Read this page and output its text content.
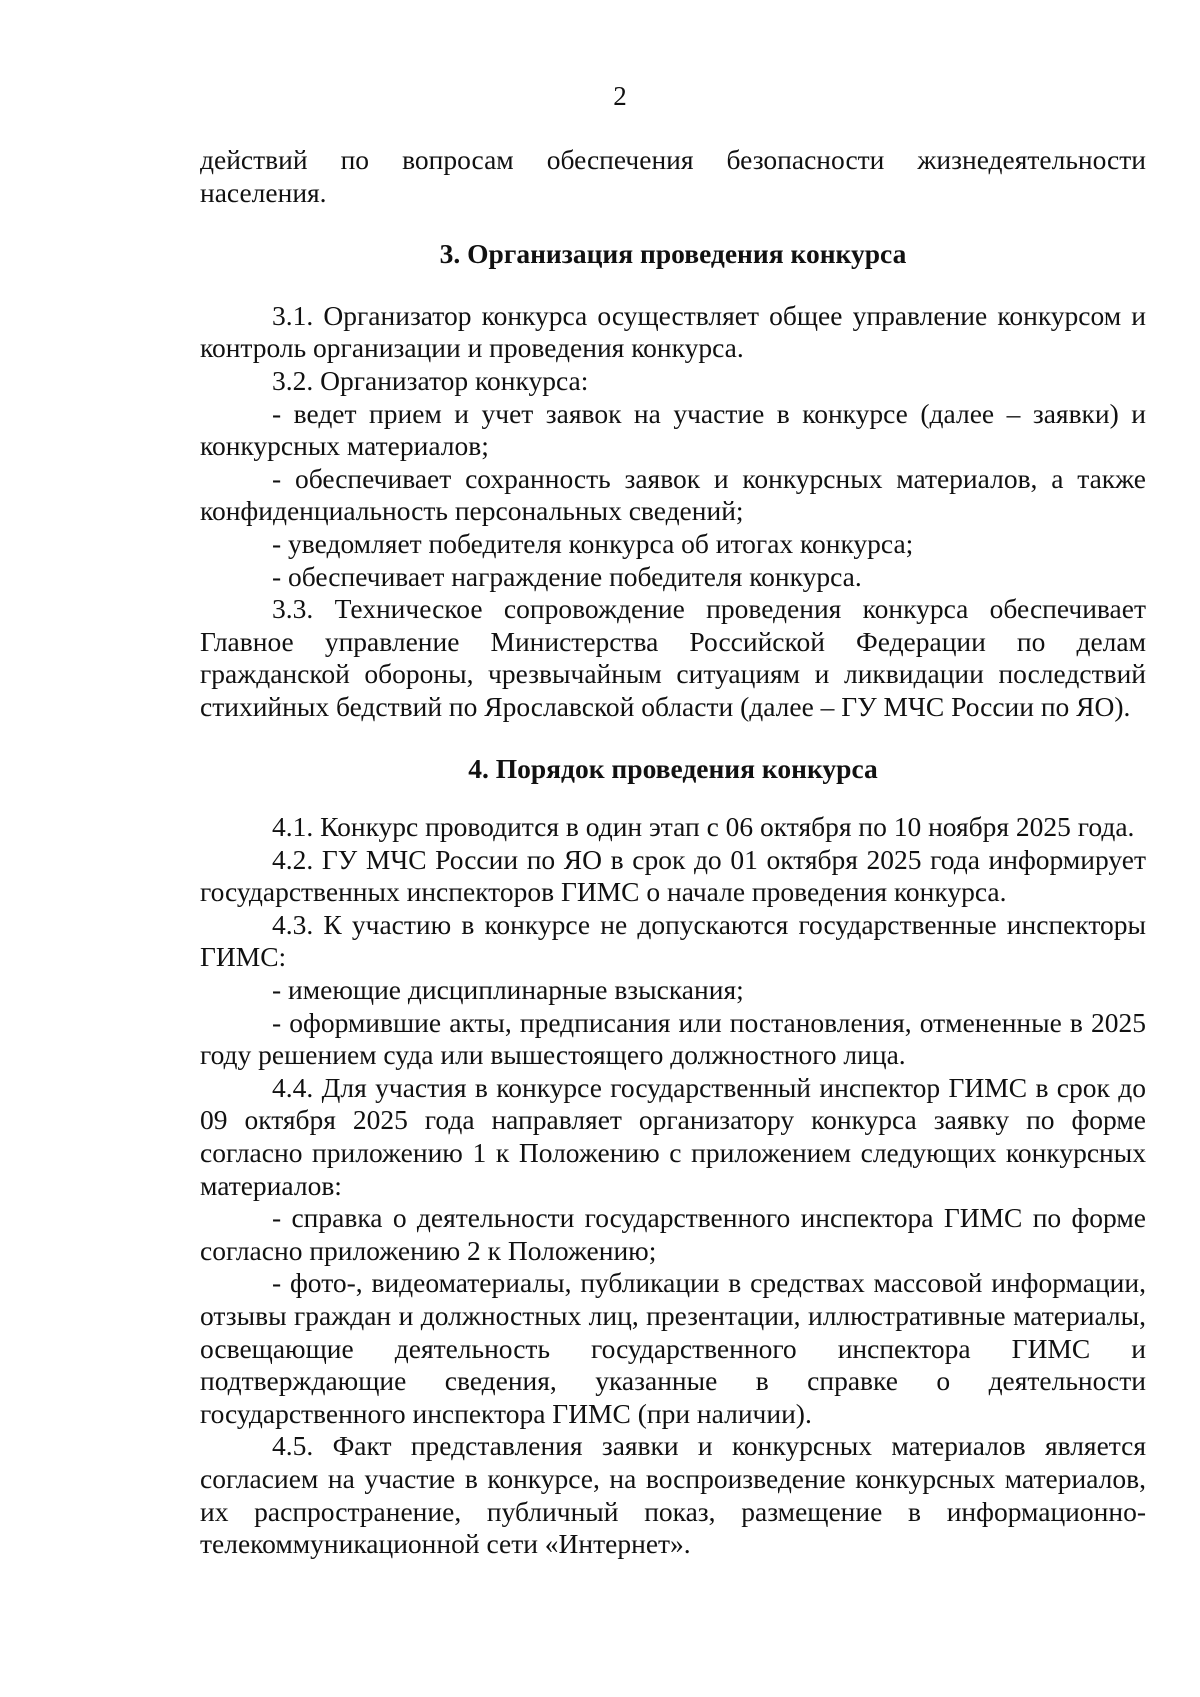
2

действий по вопросам обеспечения безопасности жизнедеятельности населения.

3. Организация проведения конкурса

3.1. Организатор конкурса осуществляет общее управление конкурсом и контроль организации и проведения конкурса.

3.2. Организатор конкурса:

- ведет прием и учет заявок на участие в конкурсе (далее – заявки) и конкурсных материалов;

- обеспечивает сохранность заявок и конкурсных материалов, а также конфиденциальность персональных сведений;

- уведомляет победителя конкурса об итогах конкурса;

- обеспечивает награждение победителя конкурса.

3.3. Техническое сопровождение проведения конкурса обеспечивает Главное управление Министерства Российской Федерации по делам гражданской обороны, чрезвычайным ситуациям и ликвидации последствий стихийных бедствий по Ярославской области (далее – ГУ МЧС России по ЯО).

4. Порядок проведения конкурса

4.1. Конкурс проводится в один этап с 06 октября по 10 ноября 2025 года.

4.2. ГУ МЧС России по ЯО в срок до 01 октября 2025 года информирует государственных инспекторов ГИМС о начале проведения конкурса.

4.3. К участию в конкурсе не допускаются государственные инспекторы ГИМС:

- имеющие дисциплинарные взыскания;

- оформившие акты, предписания или постановления, отмененные в 2025 году решением суда или вышестоящего должностного лица.

4.4. Для участия в конкурсе государственный инспектор ГИМС в срок до 09 октября 2025 года направляет организатору конкурса заявку по форме согласно приложению 1 к Положению с приложением следующих конкурсных материалов:

- справка о деятельности государственного инспектора ГИМС по форме согласно приложению 2 к Положению;

- фото-, видеоматериалы, публикации в средствах массовой информации, отзывы граждан и должностных лиц, презентации, иллюстративные материалы, освещающие деятельность государственного инспектора ГИМС и подтверждающие сведения, указанные в справке о деятельности государственного инспектора ГИМС (при наличии).

4.5. Факт представления заявки и конкурсных материалов является согласием на участие в конкурсе, на воспроизведение конкурсных материалов, их распространение, публичный показ, размещение в информационно-телекоммуникационной сети «Интернет».
